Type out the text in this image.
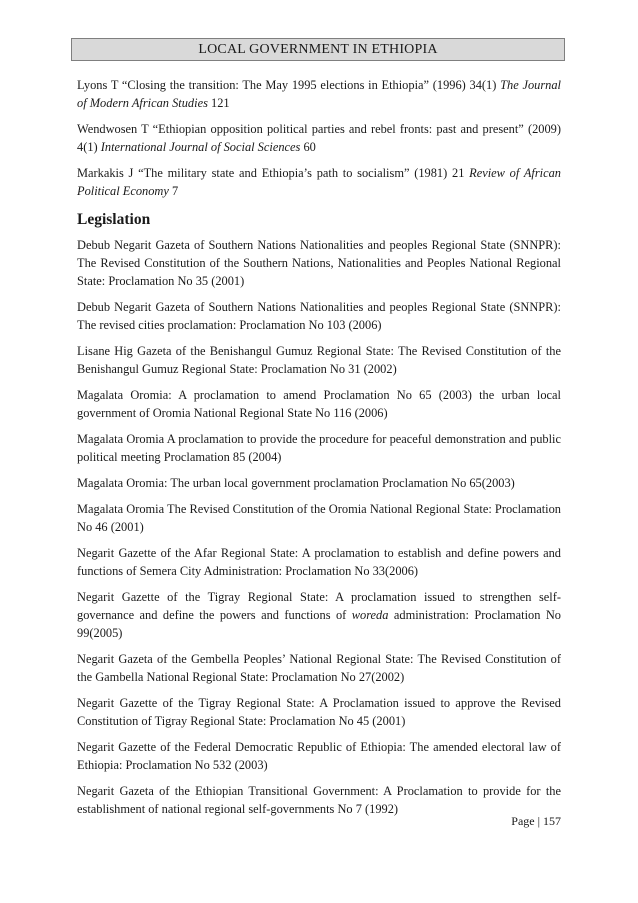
LOCAL GOVERNMENT IN ETHIOPIA

Lyons T “Closing the transition: The May 1995 elections in Ethiopia” (1996) 34(1) The Journal of Modern African Studies 121

Wendwosen T “Ethiopian opposition political parties and rebel fronts: past and present” (2009) 4(1) International Journal of Social Sciences 60

Markakis J “The military state and Ethiopia’s path to socialism” (1981) 21 Review of African Political Economy 7

Legislation

Debub Negarit Gazeta of Southern Nations Nationalities and peoples Regional State (SNNPR): The Revised Constitution of the Southern Nations, Nationalities and Peoples National Regional State: Proclamation No 35 (2001)

Debub Negarit Gazeta of Southern Nations Nationalities and peoples Regional State (SNNPR): The revised cities proclamation: Proclamation No 103 (2006)

Lisane Hig Gazeta of the Benishangul Gumuz Regional State: The Revised Constitution of the Benishangul Gumuz Regional State: Proclamation No 31 (2002)

Magalata Oromia: A proclamation to amend Proclamation No 65 (2003) the urban local government of Oromia National Regional State No 116 (2006)

Magalata Oromia A proclamation to provide the procedure for peaceful demonstration and public political meeting Proclamation 85 (2004)

Magalata Oromia: The urban local government proclamation Proclamation No 65(2003)

Magalata Oromia The Revised Constitution of the Oromia National Regional State: Proclamation No 46 (2001)

Negarit Gazette of the Afar Regional State: A proclamation to establish and define powers and functions of Semera City Administration: Proclamation No 33(2006)

Negarit Gazette of the Tigray Regional State: A proclamation issued to strengthen self-governance and define the powers and functions of woreda administration: Proclamation No 99(2005)

Negarit Gazeta of the Gembella Peoples’ National Regional State: The Revised Constitution of the Gambella National Regional State: Proclamation No 27(2002)

Negarit Gazette of the Tigray Regional State: A Proclamation issued to approve the Revised Constitution of Tigray Regional State: Proclamation No 45 (2001)

Negarit Gazette of the Federal Democratic Republic of Ethiopia: The amended electoral law of Ethiopia: Proclamation No 532 (2003)

Negarit Gazeta of the Ethiopian Transitional Government: A Proclamation to provide for the establishment of national regional self-governments No 7 (1992)

Page | 157
